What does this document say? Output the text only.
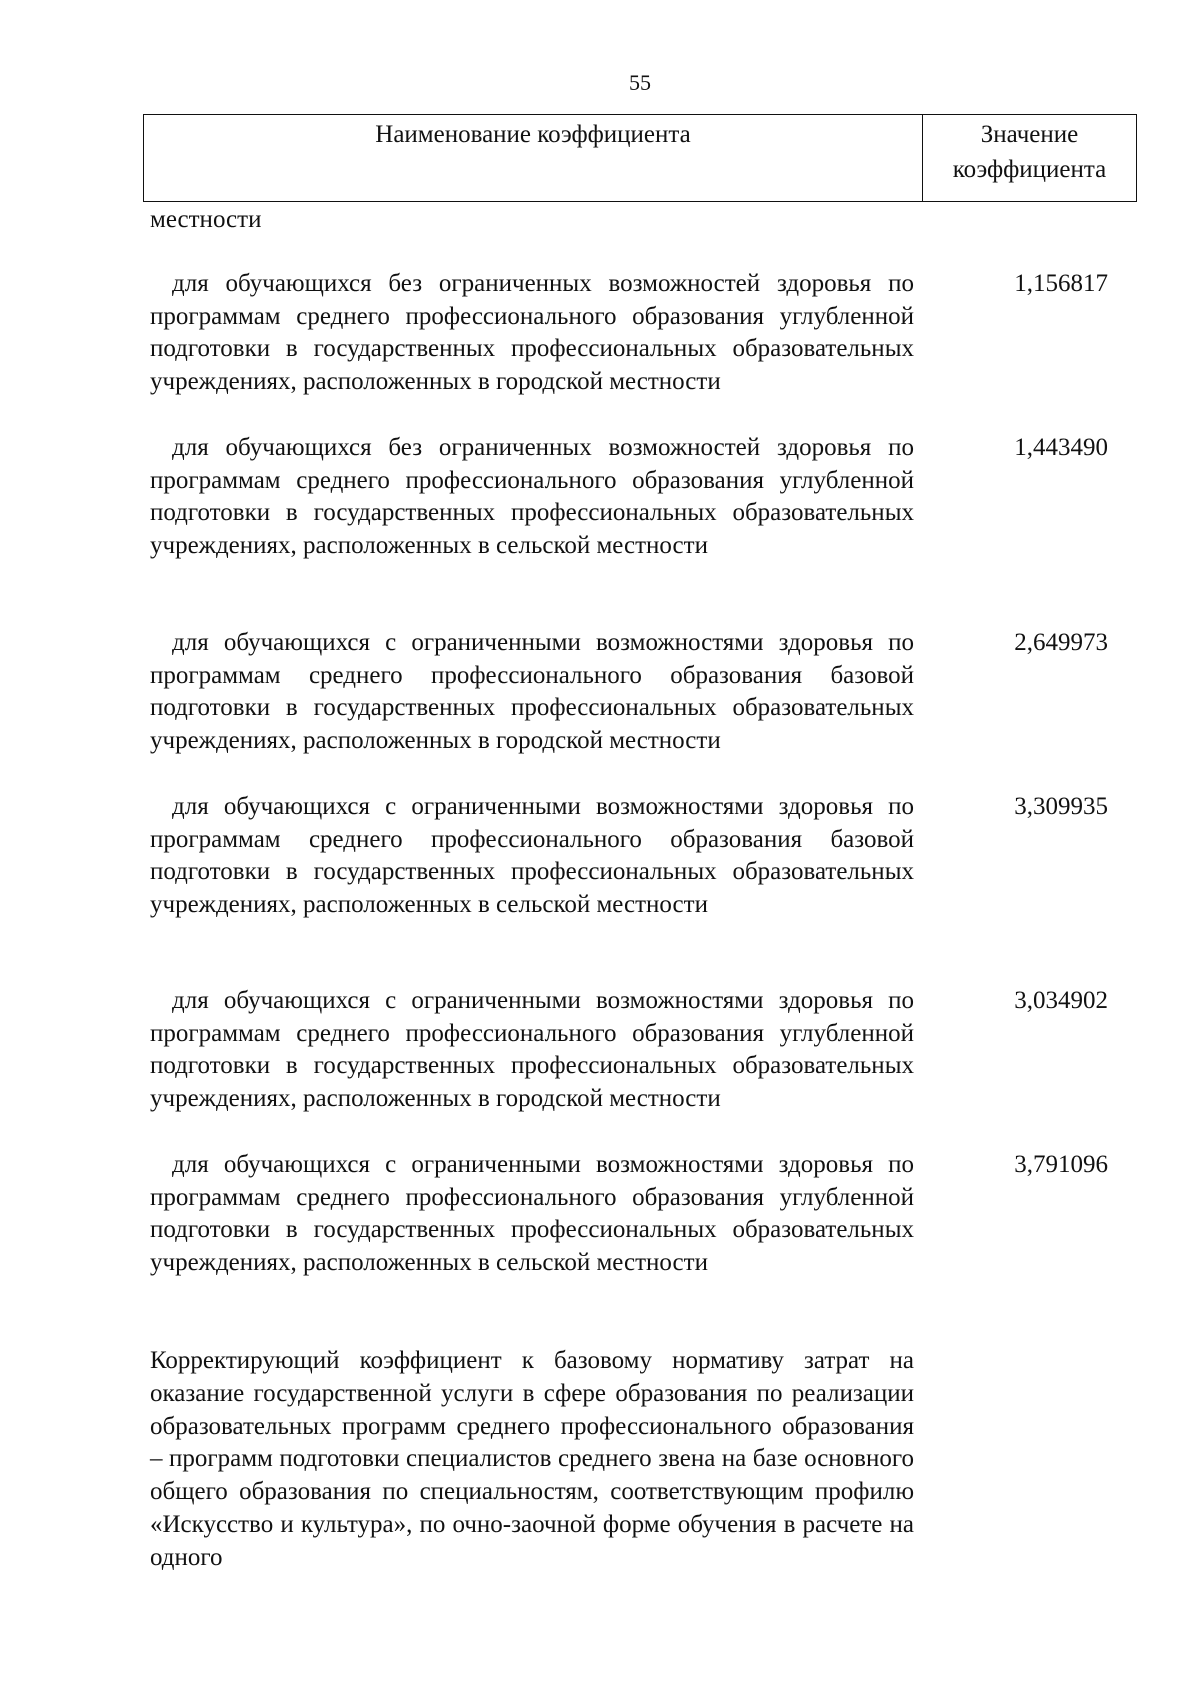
55
Наименование коэффициента	Значение коэффициента
местности
для обучающихся без ограниченных возможностей здоровья по программам среднего профессионального образования углубленной подготовки в государственных профессиональных образовательных учреждениях, расположенных в городской местности
1,156817
для обучающихся без ограниченных возможностей здоровья по программам среднего профессионального образования углубленной подготовки в государственных профессиональных образовательных учреждениях, расположенных в сельской местности
1,443490
для обучающихся с ограниченными возможностями здоровья по программам среднего профессионального образования базовой подготовки в государственных профессиональных образовательных учреждениях, расположенных в городской местности
2,649973
для обучающихся с ограниченными возможностями здоровья по программам среднего профессионального образования базовой подготовки в государственных профессиональных образовательных учреждениях, расположенных в сельской местности
3,309935
для обучающихся с ограниченными возможностями здоровья по программам среднего профессионального образования углубленной подготовки в государственных профессиональных образовательных учреждениях, расположенных в городской местности
3,034902
для обучающихся с ограниченными возможностями здоровья по программам среднего профессионального образования углубленной подготовки в государственных профессиональных образовательных учреждениях, расположенных в сельской местности
3,791096
Корректирующий коэффициент к базовому нормативу затрат на оказание государственной услуги в сфере образования по реализации образовательных программ среднего профессионального образования – программ подготовки специалистов среднего звена на базе основного общего образования по специальностям, соответствующим профилю «Искусство и культура», по очно-заочной форме обучения в расчете на одного
